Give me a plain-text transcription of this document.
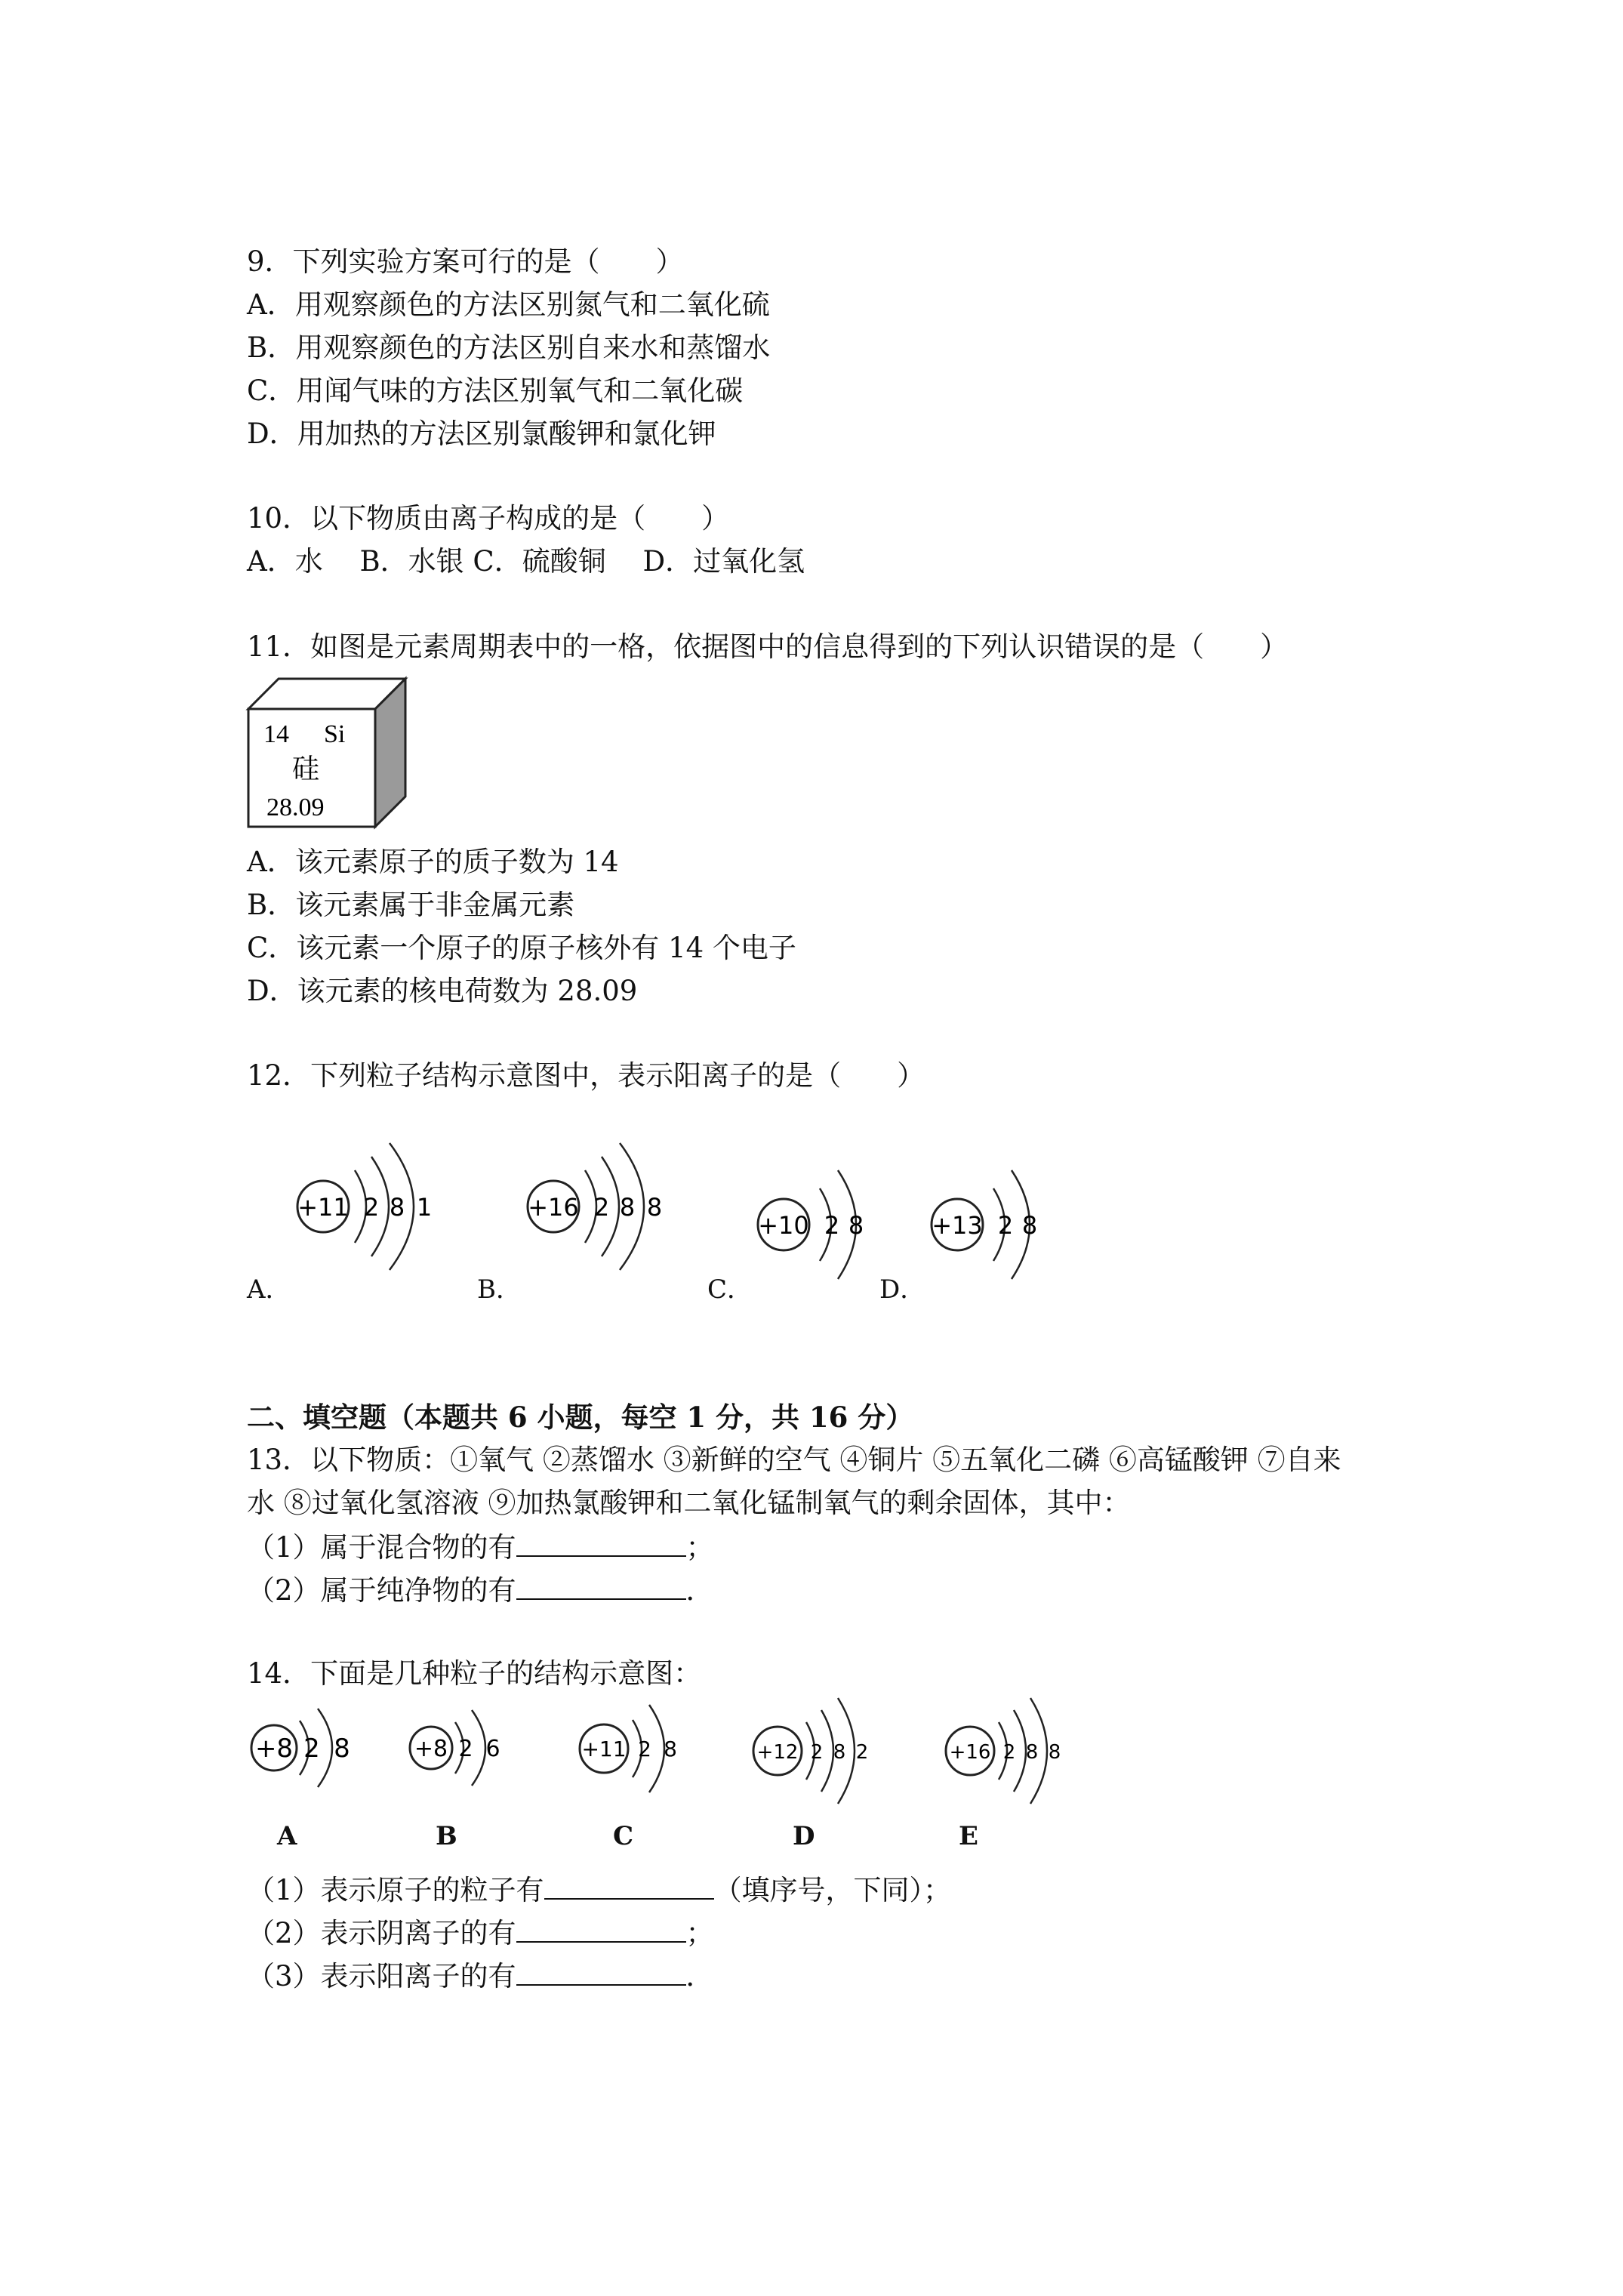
9．下列实验方案可行的是（　　）
A．用观察颜色的方法区别氮气和二氧化硫
B．用观察颜色的方法区别自来水和蒸馏水
C．用闻气味的方法区别氧气和二氧化碳
D．用加热的方法区别氯酸钾和氯化钾
10．以下物质由离子构成的是（　　）
A．水　 B．水银 C．硫酸铜　 D．过氧化氢
11．如图是元素周期表中的一格，依据图中的信息得到的下列认识错误的是（　　）
14 Si
硅
28.09
A．该元素原子的质子数为 14
B．该元素属于非金属元素
C．该元素一个原子的原子核外有 14 个电子
D．该元素的核电荷数为 28.09
12．下列粒子结构示意图中，表示阳离子的是（　　）
+11 2 8 1
A．
+16 2 8 8
B．
+10 2 8
C．
+13 2 8
D．
二、填空题（本题共 6 小题，每空 1 分，共 16 分）
13．以下物质：①氧气 ②蒸馏水 ③新鲜的空气 ④铜片 ⑤五氧化二磷 ⑥高锰酸钾 ⑦自来
水 ⑧过氧化氢溶液 ⑨加热氯酸钾和二氧化锰制氧气的剩余固体，其中：
（1）属于混合物的有	；
（2）属于纯净物的有	．
14．下面是几种粒子的结构示意图：
+8 2 8
A
+8 2 6
B
+11 2 8
C
+12 2 8 2
D
+16 2 8 8
E
（1）表示原子的粒子有	（填序号，下同）；
（2）表示阴离子的有	；
（3）表示阳离子的有	．
